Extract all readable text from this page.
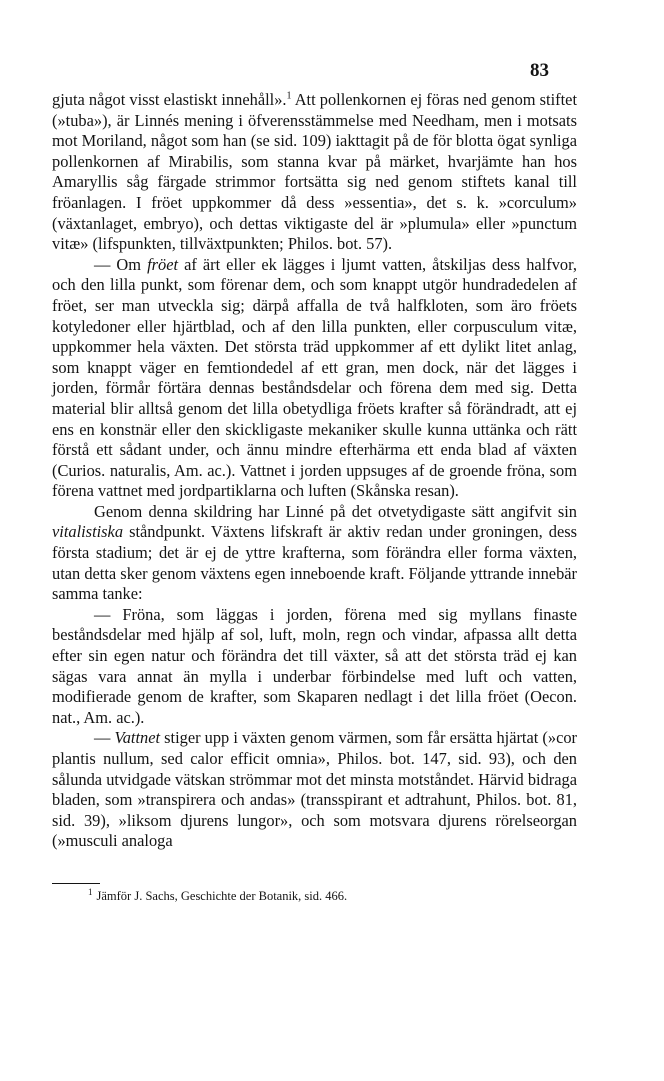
83

gjuta något visst elastiskt innehåll».$^1$ Att pollenkornen ej föras ned genom stiftet (»tuba»), är Linnés mening i öfverensstämmelse med Needham, men i motsats mot Moriland, något som han (se sid. 109) iakttagit på de för blotta ögat synliga pollenkornen af Mirabilis, som stanna kvar på märket, hvarjämte han hos Amaryllis såg färgade strimmor fortsätta sig ned genom stiftets kanal till fröanlagen. I fröet uppkommer då dess »essentia», det s. k. »corculum» (växtanlaget, embryo), och dettas viktigaste del är »plumula» eller »punctum vitæ» (lifspunkten, tillväxtpunkten; Philos. bot. 57).

— Om fröet af ärt eller ek lägges i ljumt vatten, åtskiljas dess halfvor, och den lilla punkt, som förenar dem, och som knappt utgör hundradedelen af fröet, ser man utveckla sig; därpå affalla de två halfkloten, som äro fröets kotyledoner eller hjärtblad, och af den lilla punkten, eller corpusculum vitæ, uppkommer hela växten. Det största träd uppkommer af ett dylikt litet anlag, som knappt väger en femtiondedel af ett gran, men dock, när det lägges i jorden, förmår förtära dennas beståndsdelar och förena dem med sig. Detta material blir alltså genom det lilla obetydliga fröets krafter så förändradt, att ej ens en konstnär eller den skickligaste mekaniker skulle kunna uttänka och rätt förstå ett sådant under, och ännu mindre efterhärma ett enda blad af växten (Curios. naturalis, Am. ac.). Vattnet i jorden uppsuges af de groende fröna, som förena vattnet med jordpartiklarna och luften (Skånska resan).

Genom denna skildring har Linné på det otvetydigaste sätt angifvit sin vitalistiska ståndpunkt. Växtens lifskraft är aktiv redan under groningen, dess första stadium; det är ej de yttre krafterna, som förändra eller forma växten, utan detta sker genom växtens egen inneboende kraft. Följande yttrande innebär samma tanke:

— Fröna, som läggas i jorden, förena med sig myllans finaste beståndsdelar med hjälp af sol, luft, moln, regn och vindar, afpassa allt detta efter sin egen natur och förändra det till växter, så att det största träd ej kan sägas vara annat än mylla i underbar förbindelse med luft och vatten, modifierade genom de krafter, som Skaparen nedlagt i det lilla fröet (Oecon. nat., Am. ac.).

— Vattnet stiger upp i växten genom värmen, som får ersätta hjärtat (»cor plantis nullum, sed calor efficit omnia», Philos. bot. 147, sid. 93), och den sålunda utvidgade vätskan strömmar mot det minsta motståndet. Härvid bidraga bladen, som »transpirera och andas» (transspirant et adtrahunt, Philos. bot. 81, sid. 39), »liksom djurens lungor», och som motsvara djurens rörelseorgan (»musculi analoga

$^1$ Jämför J. Sachs, Geschichte der Botanik, sid. 466.
